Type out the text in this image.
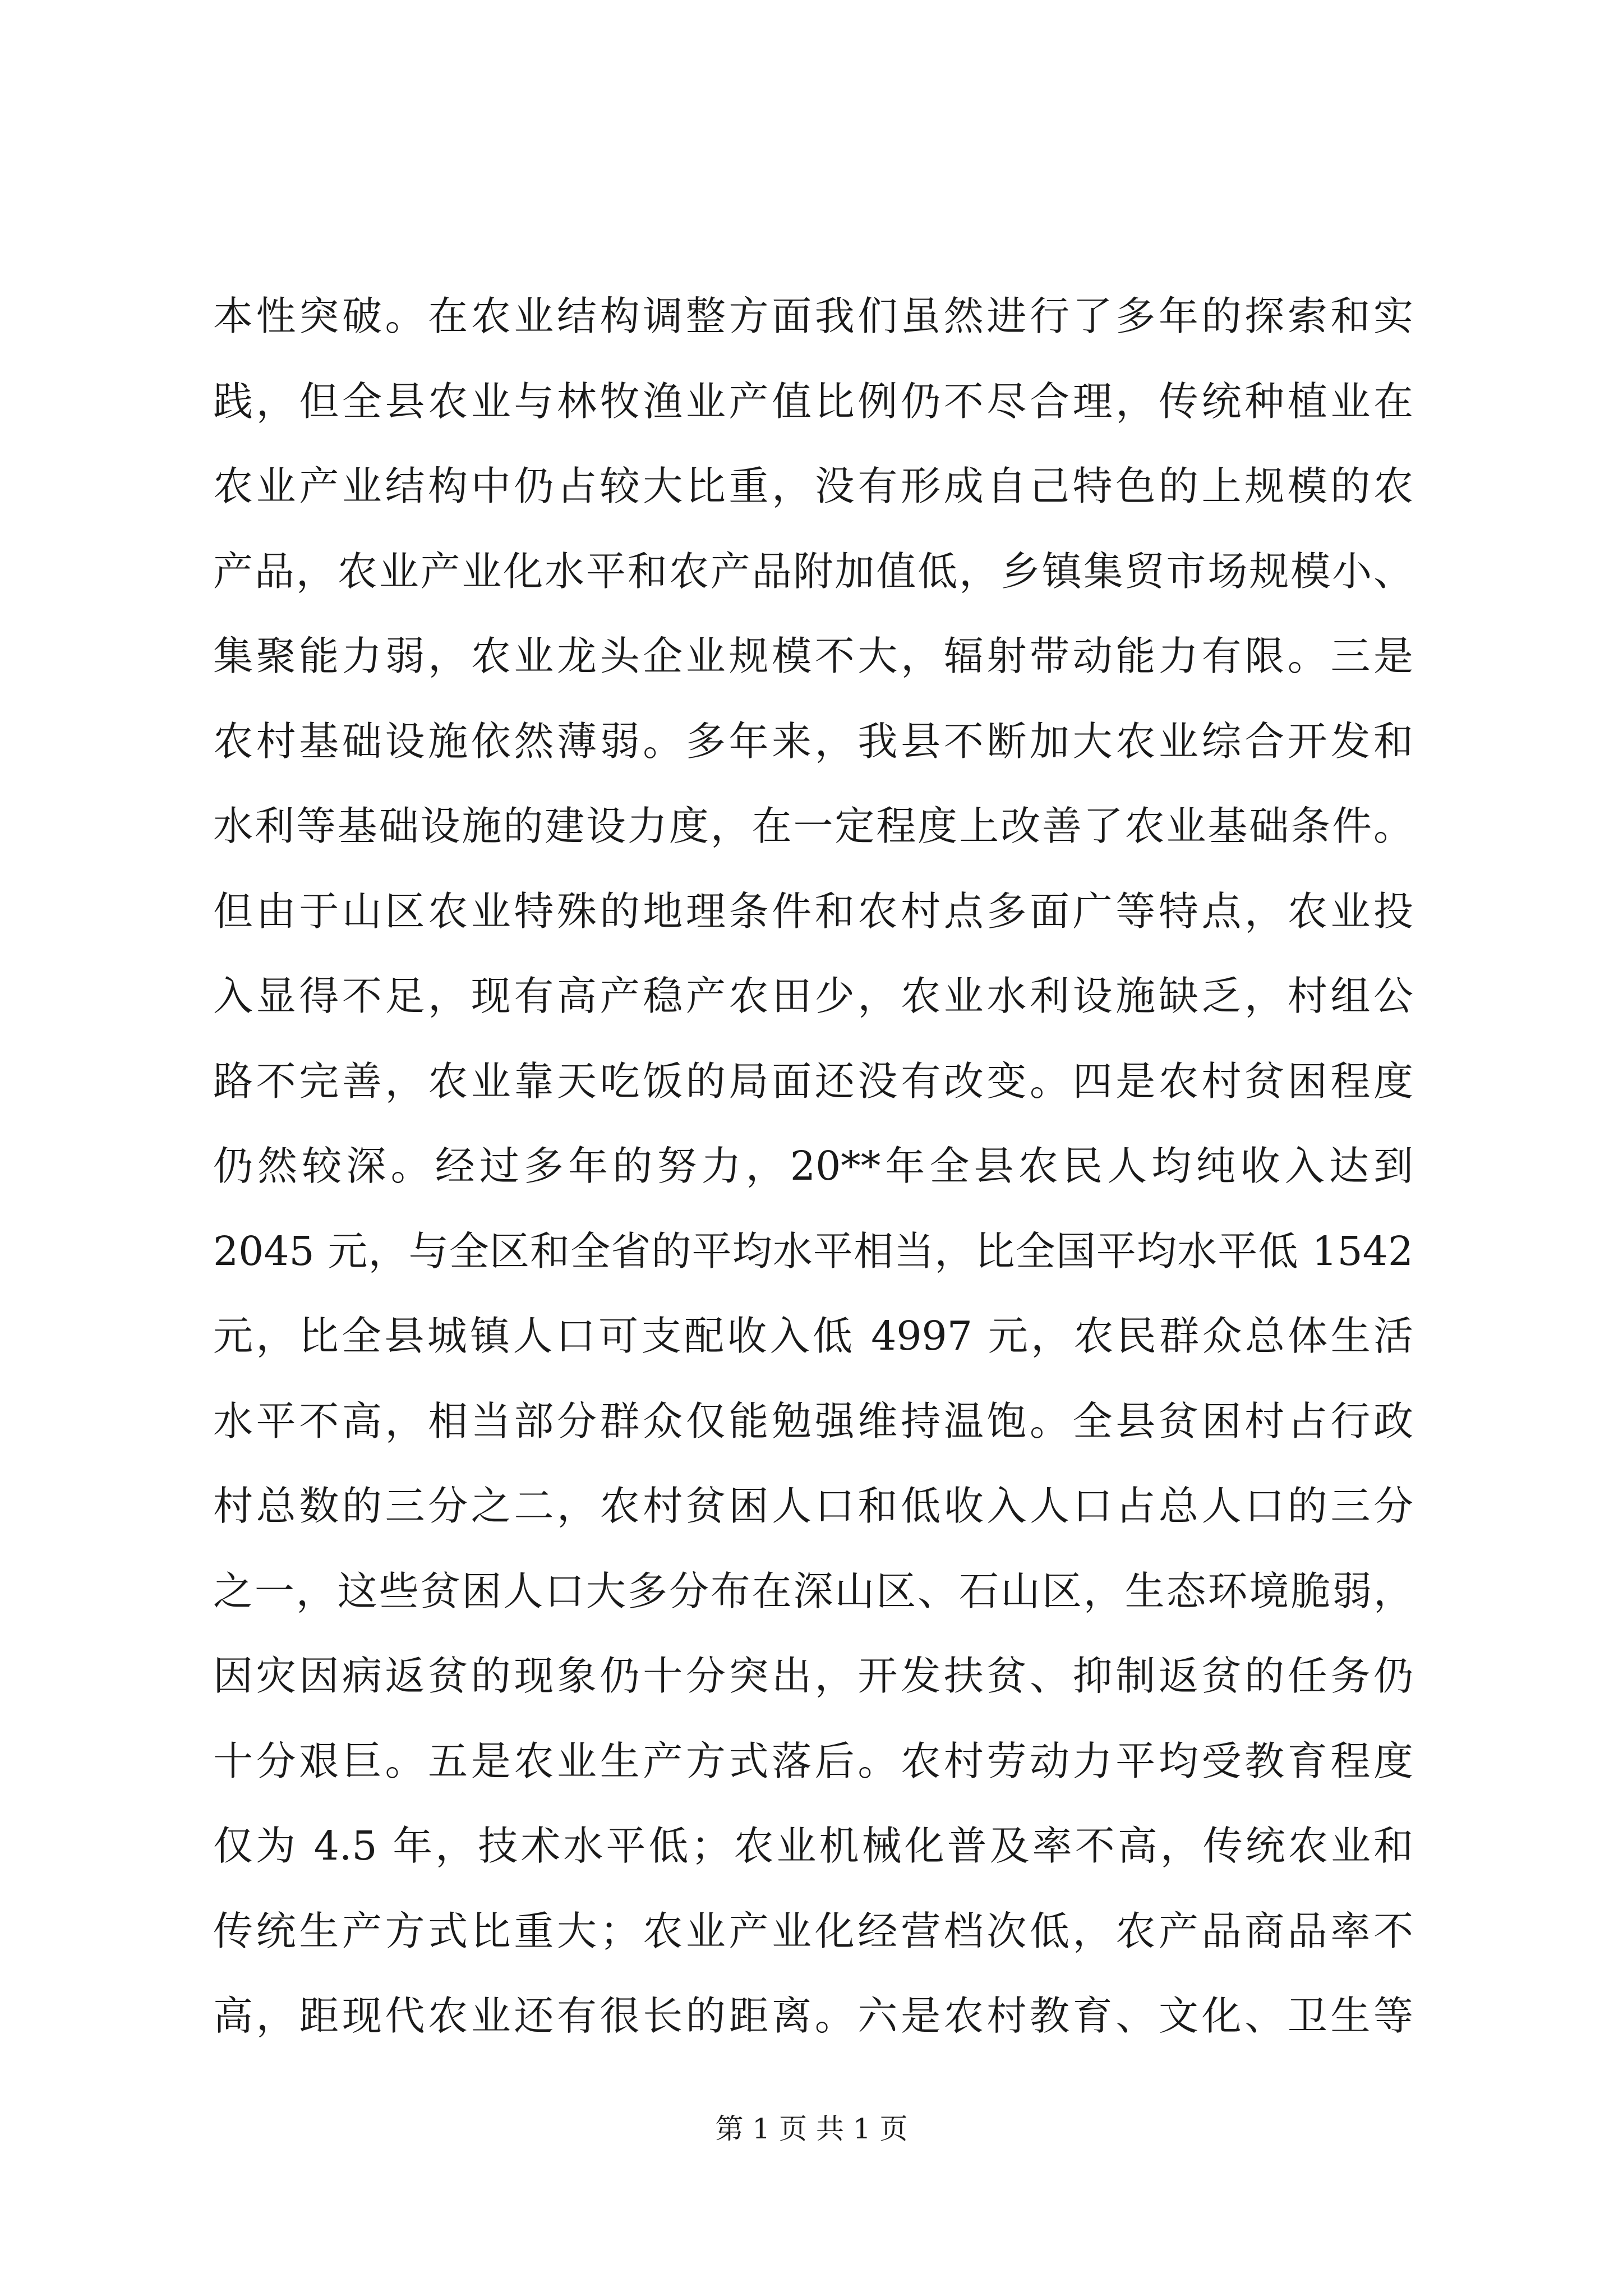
本性突破。在农业结构调整方面我们虽然进行了多年的探索和实
践，但全县农业与林牧渔业产值比例仍不尽合理，传统种植业在
农业产业结构中仍占较大比重，没有形成自己特色的上规模的农
产品，农业产业化水平和农产品附加值低，乡镇集贸市场规模小、
集聚能力弱，农业龙头企业规模不大，辐射带动能力有限。三是
农村基础设施依然薄弱。多年来，我县不断加大农业综合开发和
水利等基础设施的建设力度，在一定程度上改善了农业基础条件。
但由于山区农业特殊的地理条件和农村点多面广等特点，农业投
入显得不足，现有高产稳产农田少，农业水利设施缺乏，村组公
路不完善，农业靠天吃饭的局面还没有改变。四是农村贫困程度
仍然较深。经过多年的努力，20**年全县农民人均纯收入达到
2045 元，与全区和全省的平均水平相当，比全国平均水平低 1542
元，比全县城镇人口可支配收入低 4997 元，农民群众总体生活
水平不高，相当部分群众仅能勉强维持温饱。全县贫困村占行政
村总数的三分之二，农村贫困人口和低收入人口占总人口的三分
之一，这些贫困人口大多分布在深山区、石山区，生态环境脆弱，
因灾因病返贫的现象仍十分突出，开发扶贫、抑制返贫的任务仍
十分艰巨。五是农业生产方式落后。农村劳动力平均受教育程度
仅为 4.5 年，技术水平低；农业机械化普及率不高，传统农业和
传统生产方式比重大；农业产业化经营档次低，农产品商品率不
高，距现代农业还有很长的距离。六是农村教育、文化、卫生等
第 1 页 共 1 页
